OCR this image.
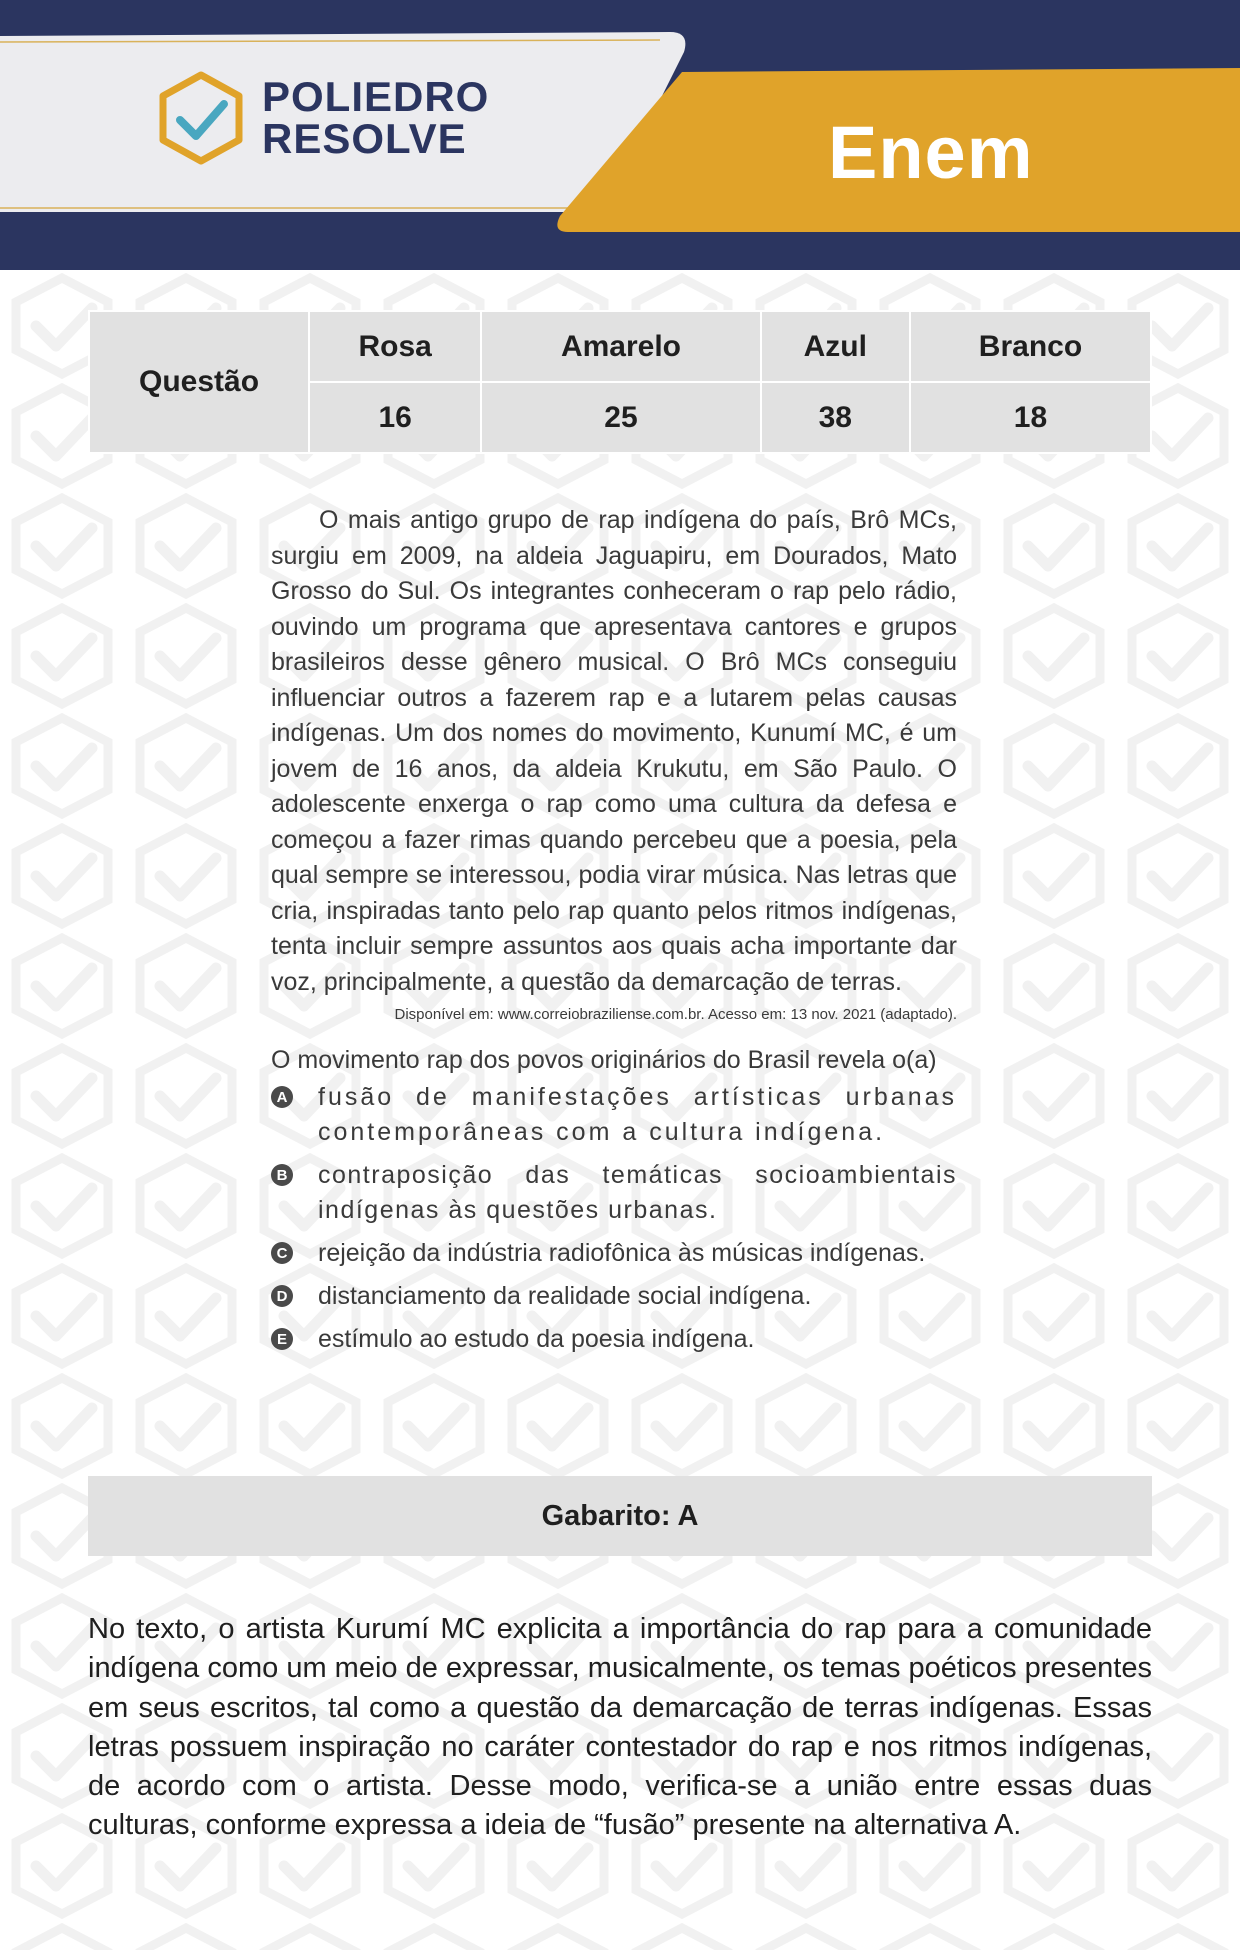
POLIEDRO
RESOLVE	Enem
Questão	Rosa	Amarelo	Azul	Branco
	16	25	38	18

O mais antigo grupo de rap indígena do país, Brô MCs, surgiu em 2009, na aldeia Jaguapiru, em Dourados, Mato Grosso do Sul. Os integrantes conheceram o rap pelo rádio, ouvindo um programa que apresentava cantores e grupos brasileiros desse gênero musical. O Brô MCs conseguiu influenciar outros a fazerem rap e a lutarem pelas causas indígenas. Um dos nomes do movimento, Kunumí MC, é um jovem de 16 anos, da aldeia Krukutu, em São Paulo. O adolescente enxerga o rap como uma cultura da defesa e começou a fazer rimas quando percebeu que a poesia, pela qual sempre se interessou, podia virar música. Nas letras que cria, inspiradas tanto pelo rap quanto pelos ritmos indígenas, tenta incluir sempre assuntos aos quais acha importante dar voz, principalmente, a questão da demarcação de terras.

Disponível em: www.correiobraziliense.com.br. Acesso em: 13 nov. 2021 (adaptado).

O movimento rap dos povos originários do Brasil revela o(a)

A fusão de manifestações artísticas urbanas contemporâneas com a cultura indígena.
B contraposição das temáticas socioambientais indígenas às questões urbanas.
C rejeição da indústria radiofônica às músicas indígenas.
D distanciamento da realidade social indígena.
E estímulo ao estudo da poesia indígena.
Gabarito: A

No texto, o artista Kurumí MC explicita a importância do rap para a comunidade indígena como um meio de expressar, musicalmente, os temas poéticos presentes em seus escritos, tal como a questão da demarcação de terras indígenas. Essas letras possuem inspiração no caráter contestador do rap e nos ritmos indígenas, de acordo com o artista. Desse modo, verifica-se a união entre essas duas culturas, conforme expressa a ideia de “fusão” presente na alternativa A.
